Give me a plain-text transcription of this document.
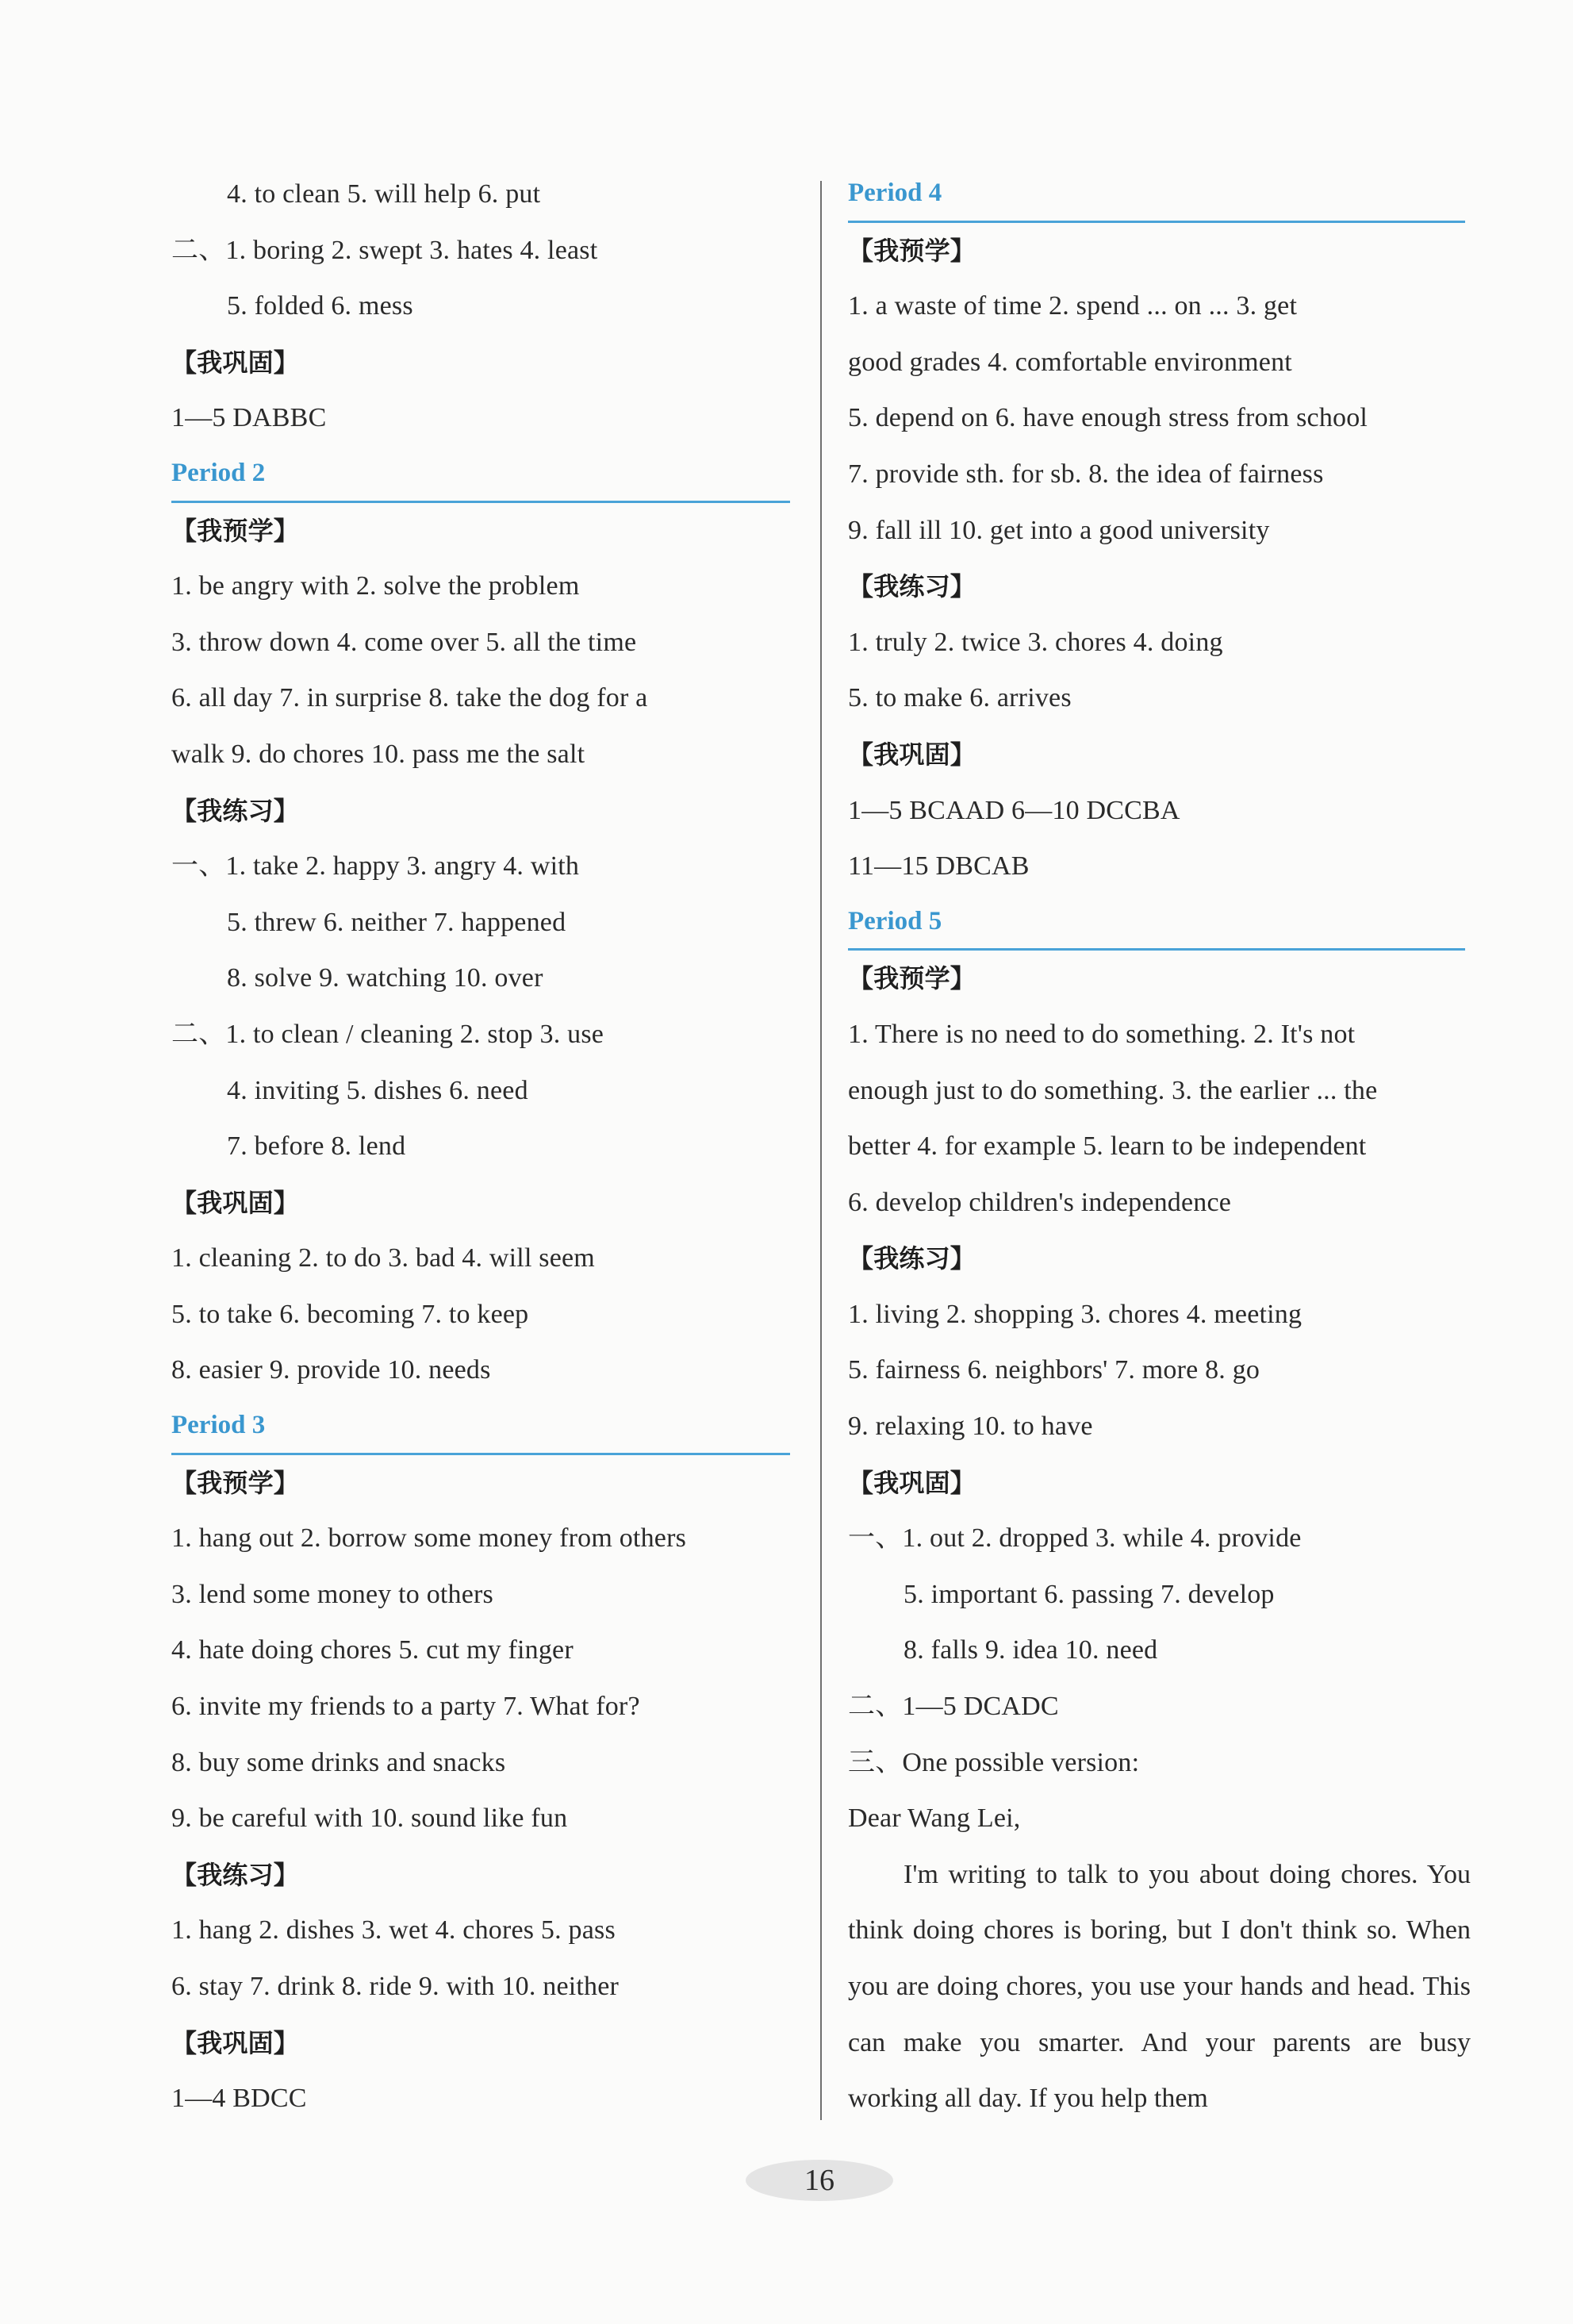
4. to clean 5. will help 6. put
二、1. boring 2. swept 3. hates 4. least
5. folded 6. mess
【我巩固】
1—5 DABBC
Period 2
【我预学】
1. be angry with 2. solve the problem
3. throw down 4. come over 5. all the time
6. all day 7. in surprise 8. take the dog for a
walk 9. do chores 10. pass me the salt
【我练习】
一、1. take 2. happy 3. angry 4. with
5. threw 6. neither 7. happened
8. solve 9. watching 10. over
二、1. to clean / cleaning 2. stop 3. use
4. inviting 5. dishes 6. need
7. before 8. lend
【我巩固】
1. cleaning 2. to do 3. bad 4. will seem
5. to take 6. becoming 7. to keep
8. easier 9. provide 10. needs
Period 3
【我预学】
1. hang out 2. borrow some money from others
3. lend some money to others
4. hate doing chores 5. cut my finger
6. invite my friends to a party 7. What for?
8. buy some drinks and snacks
9. be careful with 10. sound like fun
【我练习】
1. hang 2. dishes 3. wet 4. chores 5. pass
6. stay 7. drink 8. ride 9. with 10. neither
【我巩固】
1—4 BDCC
Period 4
【我预学】
1. a waste of time 2. spend ... on ... 3. get
good grades 4. comfortable environment
5. depend on 6. have enough stress from school
7. provide sth. for sb. 8. the idea of fairness
9. fall ill 10. get into a good university
【我练习】
1. truly 2. twice 3. chores 4. doing
5. to make 6. arrives
【我巩固】
1—5 BCAAD 6—10 DCCBA
11—15 DBCAB
Period 5
【我预学】
1. There is no need to do something. 2. It's not
enough just to do something. 3. the earlier ... the
better 4. for example 5. learn to be independent
6. develop children's independence
【我练习】
1. living 2. shopping 3. chores 4. meeting
5. fairness 6. neighbors' 7. more 8. go
9. relaxing 10. to have
【我巩固】
一、1. out 2. dropped 3. while 4. provide
5. important 6. passing 7. develop
8. falls 9. idea 10. need
二、1—5 DCADC
三、One possible version:
Dear Wang Lei,
I'm writing to talk to you about doing chores. You think doing chores is boring, but I don't think so. When you are doing chores, you use your hands and head. This can make you smarter. And your parents are busy working all day. If you help them
16
